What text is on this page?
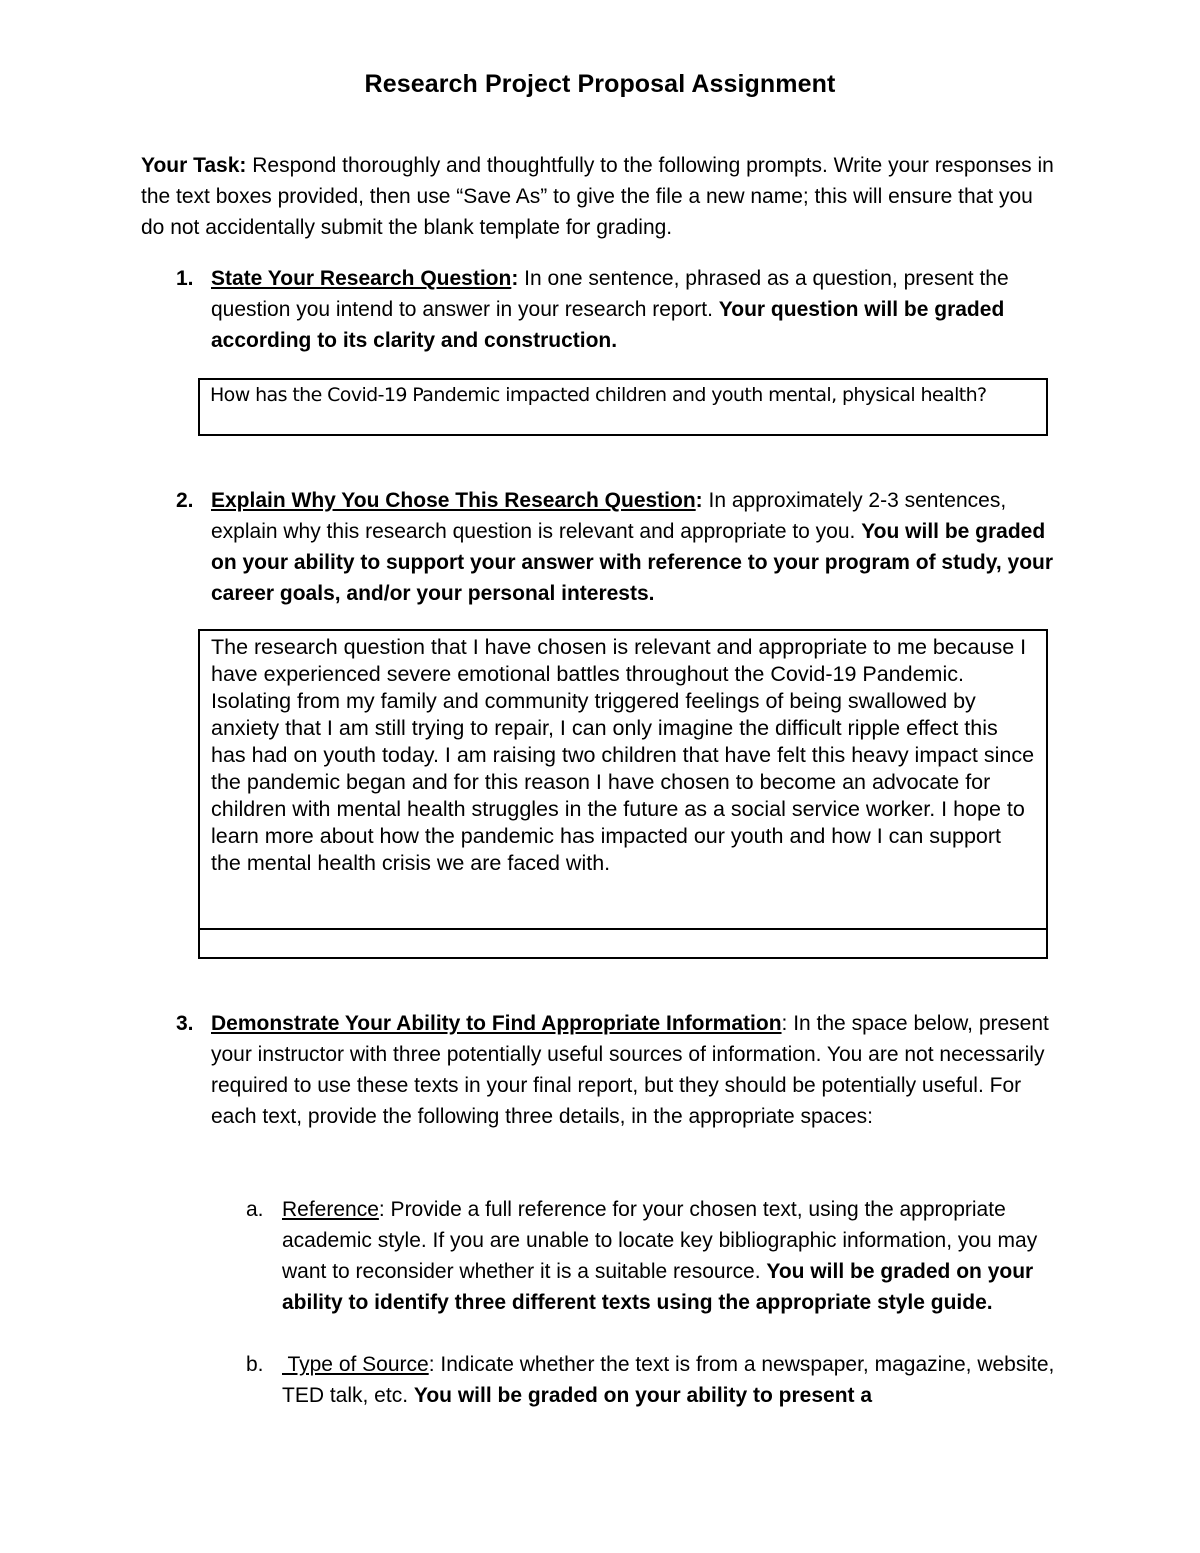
Research Project Proposal Assignment
Your Task: Respond thoroughly and thoughtfully to the following prompts. Write your responses in the text boxes provided, then use “Save As” to give the file a new name; this will ensure that you do not accidentally submit the blank template for grading.
1. State Your Research Question: In one sentence, phrased as a question, present the question you intend to answer in your research report. Your question will be graded according to its clarity and construction.
How has the Covid-19 Pandemic impacted children and youth mental, physical health?
2. Explain Why You Chose This Research Question: In approximately 2-3 sentences, explain why this research question is relevant and appropriate to you. You will be graded on your ability to support your answer with reference to your program of study, your career goals, and/or your personal interests.
The research question that I have chosen is relevant and appropriate to me because I have experienced severe emotional battles throughout the Covid-19 Pandemic. Isolating from my family and community triggered feelings of being swallowed by anxiety that I am still trying to repair, I can only imagine the difficult ripple effect this has had on youth today. I am raising two children that have felt this heavy impact since the pandemic began and for this reason I have chosen to become an advocate for children with mental health struggles in the future as a social service worker. I hope to learn more about how the pandemic has impacted our youth and how I can support the mental health crisis we are faced with.
3. Demonstrate Your Ability to Find Appropriate Information: In the space below, present your instructor with three potentially useful sources of information. You are not necessarily required to use these texts in your final report, but they should be potentially useful. For each text, provide the following three details, in the appropriate spaces:
a. Reference: Provide a full reference for your chosen text, using the appropriate academic style. If you are unable to locate key bibliographic information, you may want to reconsider whether it is a suitable resource. You will be graded on your ability to identify three different texts using the appropriate style guide.
b. Type of Source: Indicate whether the text is from a newspaper, magazine, website, TED talk, etc. You will be graded on your ability to present a
